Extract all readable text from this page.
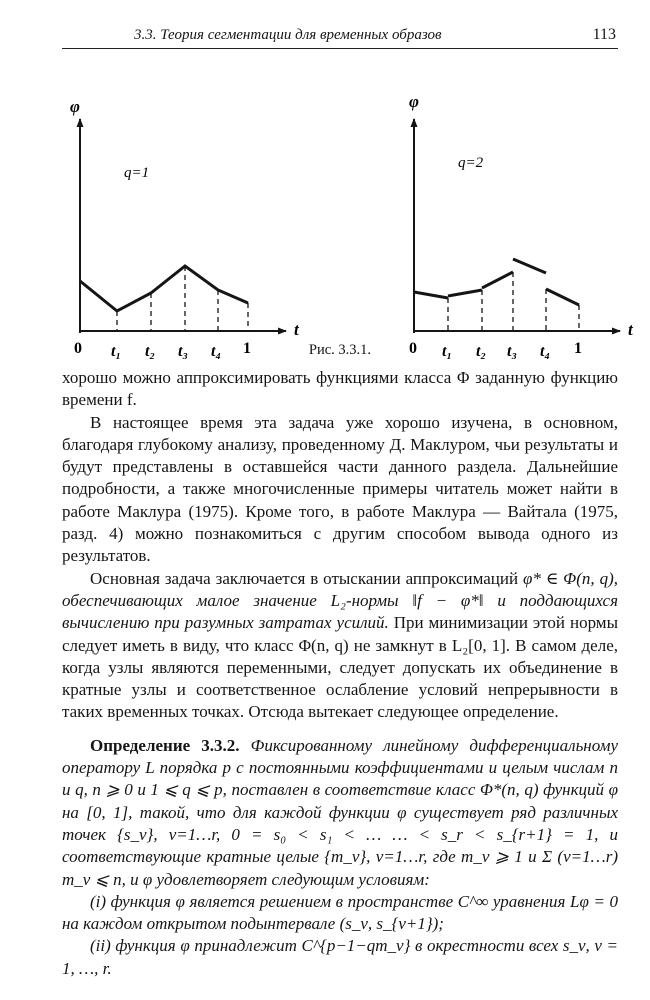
3.3. Теория сегментации для временных образов	113
φ
t
q=1
0 t₁ t₂ t₃ t₄ 1
φ
t
q=2
0 t₁ t₂ t₃ t₄ 1
Рис. 3.3.1.

хорошо можно аппроксимировать функциями класса Φ заданную функцию времени f.

В настоящее время эта задача уже хорошо изучена, в основном, благодаря глубокому анализу, проведенному Д. Маклуром, чьи результаты и будут представлены в оставшейся части данного раздела. Дальнейшие подробности, а также многочисленные примеры читатель может найти в работе Маклура (1975). Кроме того, в работе Маклура — Вайтала (1975, разд. 4) можно познакомиться с другим способом вывода одного из результатов.

Основная задача заключается в отыскании аппроксимаций φ* ∈ Φ(n, q), обеспечивающих малое значение L₂-нормы ‖f − φ*‖ и поддающихся вычислению при разумных затратах усилий. При минимизации этой нормы следует иметь в виду, что класс Φ(n, q) не замкнут в L₂[0, 1]. В самом деле, когда узлы являются переменными, следует допускать их объединение в кратные узлы и соответственное ослабление условий непрерывности в таких временных точках. Отсюда вытекает следующее определение.

Определение 3.3.2. Фиксированному линейному дифференциальному оператору L порядка p с постоянными коэффициентами и целым числам n и q, n ⩾ 0 и 1 ⩽ q ⩽ p, поставлен в соответствие класс Φ*(n, q) функций φ на [0, 1], такой, что для каждой функции φ существует ряд различных точек {s_ν}, ν=1…r, 0 = s₀ < s₁ < … … < s_r < s_{r+1} = 1, и соответствующие кратные целые {m_ν}, ν=1…r, где m_ν ⩾ 1 и Σ (ν=1…r) m_ν ⩽ n, и φ удовлетворяет следующим условиям:

(i) функция φ является решением в пространстве C^∞ уравнения Lφ = 0 на каждом открытом подынтервале (s_ν, s_{ν+1});

(ii) функция φ принадлежит C^{p−1−qm_ν} в окрестности всех s_ν, ν = 1, …, r.
